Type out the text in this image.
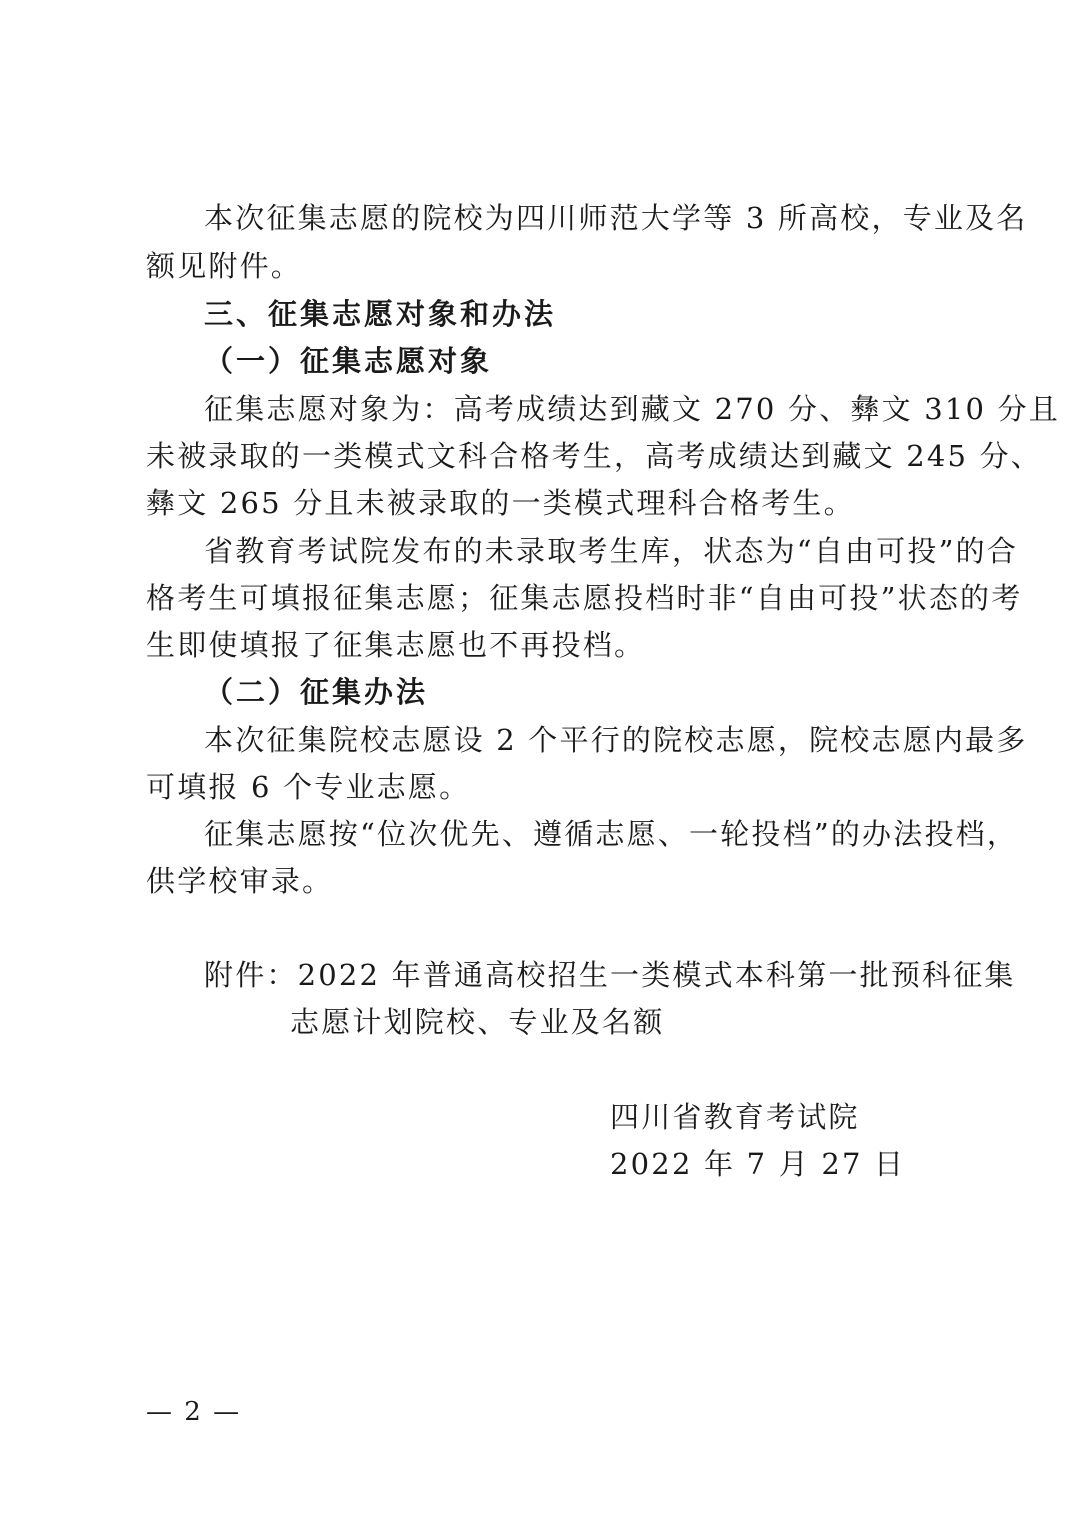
本次征集志愿的院校为四川师范大学等 3 所高校，专业及名
额见附件。
三、征集志愿对象和办法
（一）征集志愿对象
征集志愿对象为：高考成绩达到藏文 270 分、彝文 310 分且
未被录取的一类模式文科合格考生，高考成绩达到藏文 245 分、
彝文 265 分且未被录取的一类模式理科合格考生。
省教育考试院发布的未录取考生库，状态为“自由可投”的合
格考生可填报征集志愿；征集志愿投档时非“自由可投”状态的考
生即使填报了征集志愿也不再投档。
（二）征集办法
本次征集院校志愿设 2 个平行的院校志愿，院校志愿内最多
可填报 6 个专业志愿。
征集志愿按“位次优先、遵循志愿、一轮投档”的办法投档，
供学校审录。
附件：2022 年普通高校招生一类模式本科第一批预科征集
志愿计划院校、专业及名额
四川省教育考试院
2022 年 7 月 27 日
— 2 —
